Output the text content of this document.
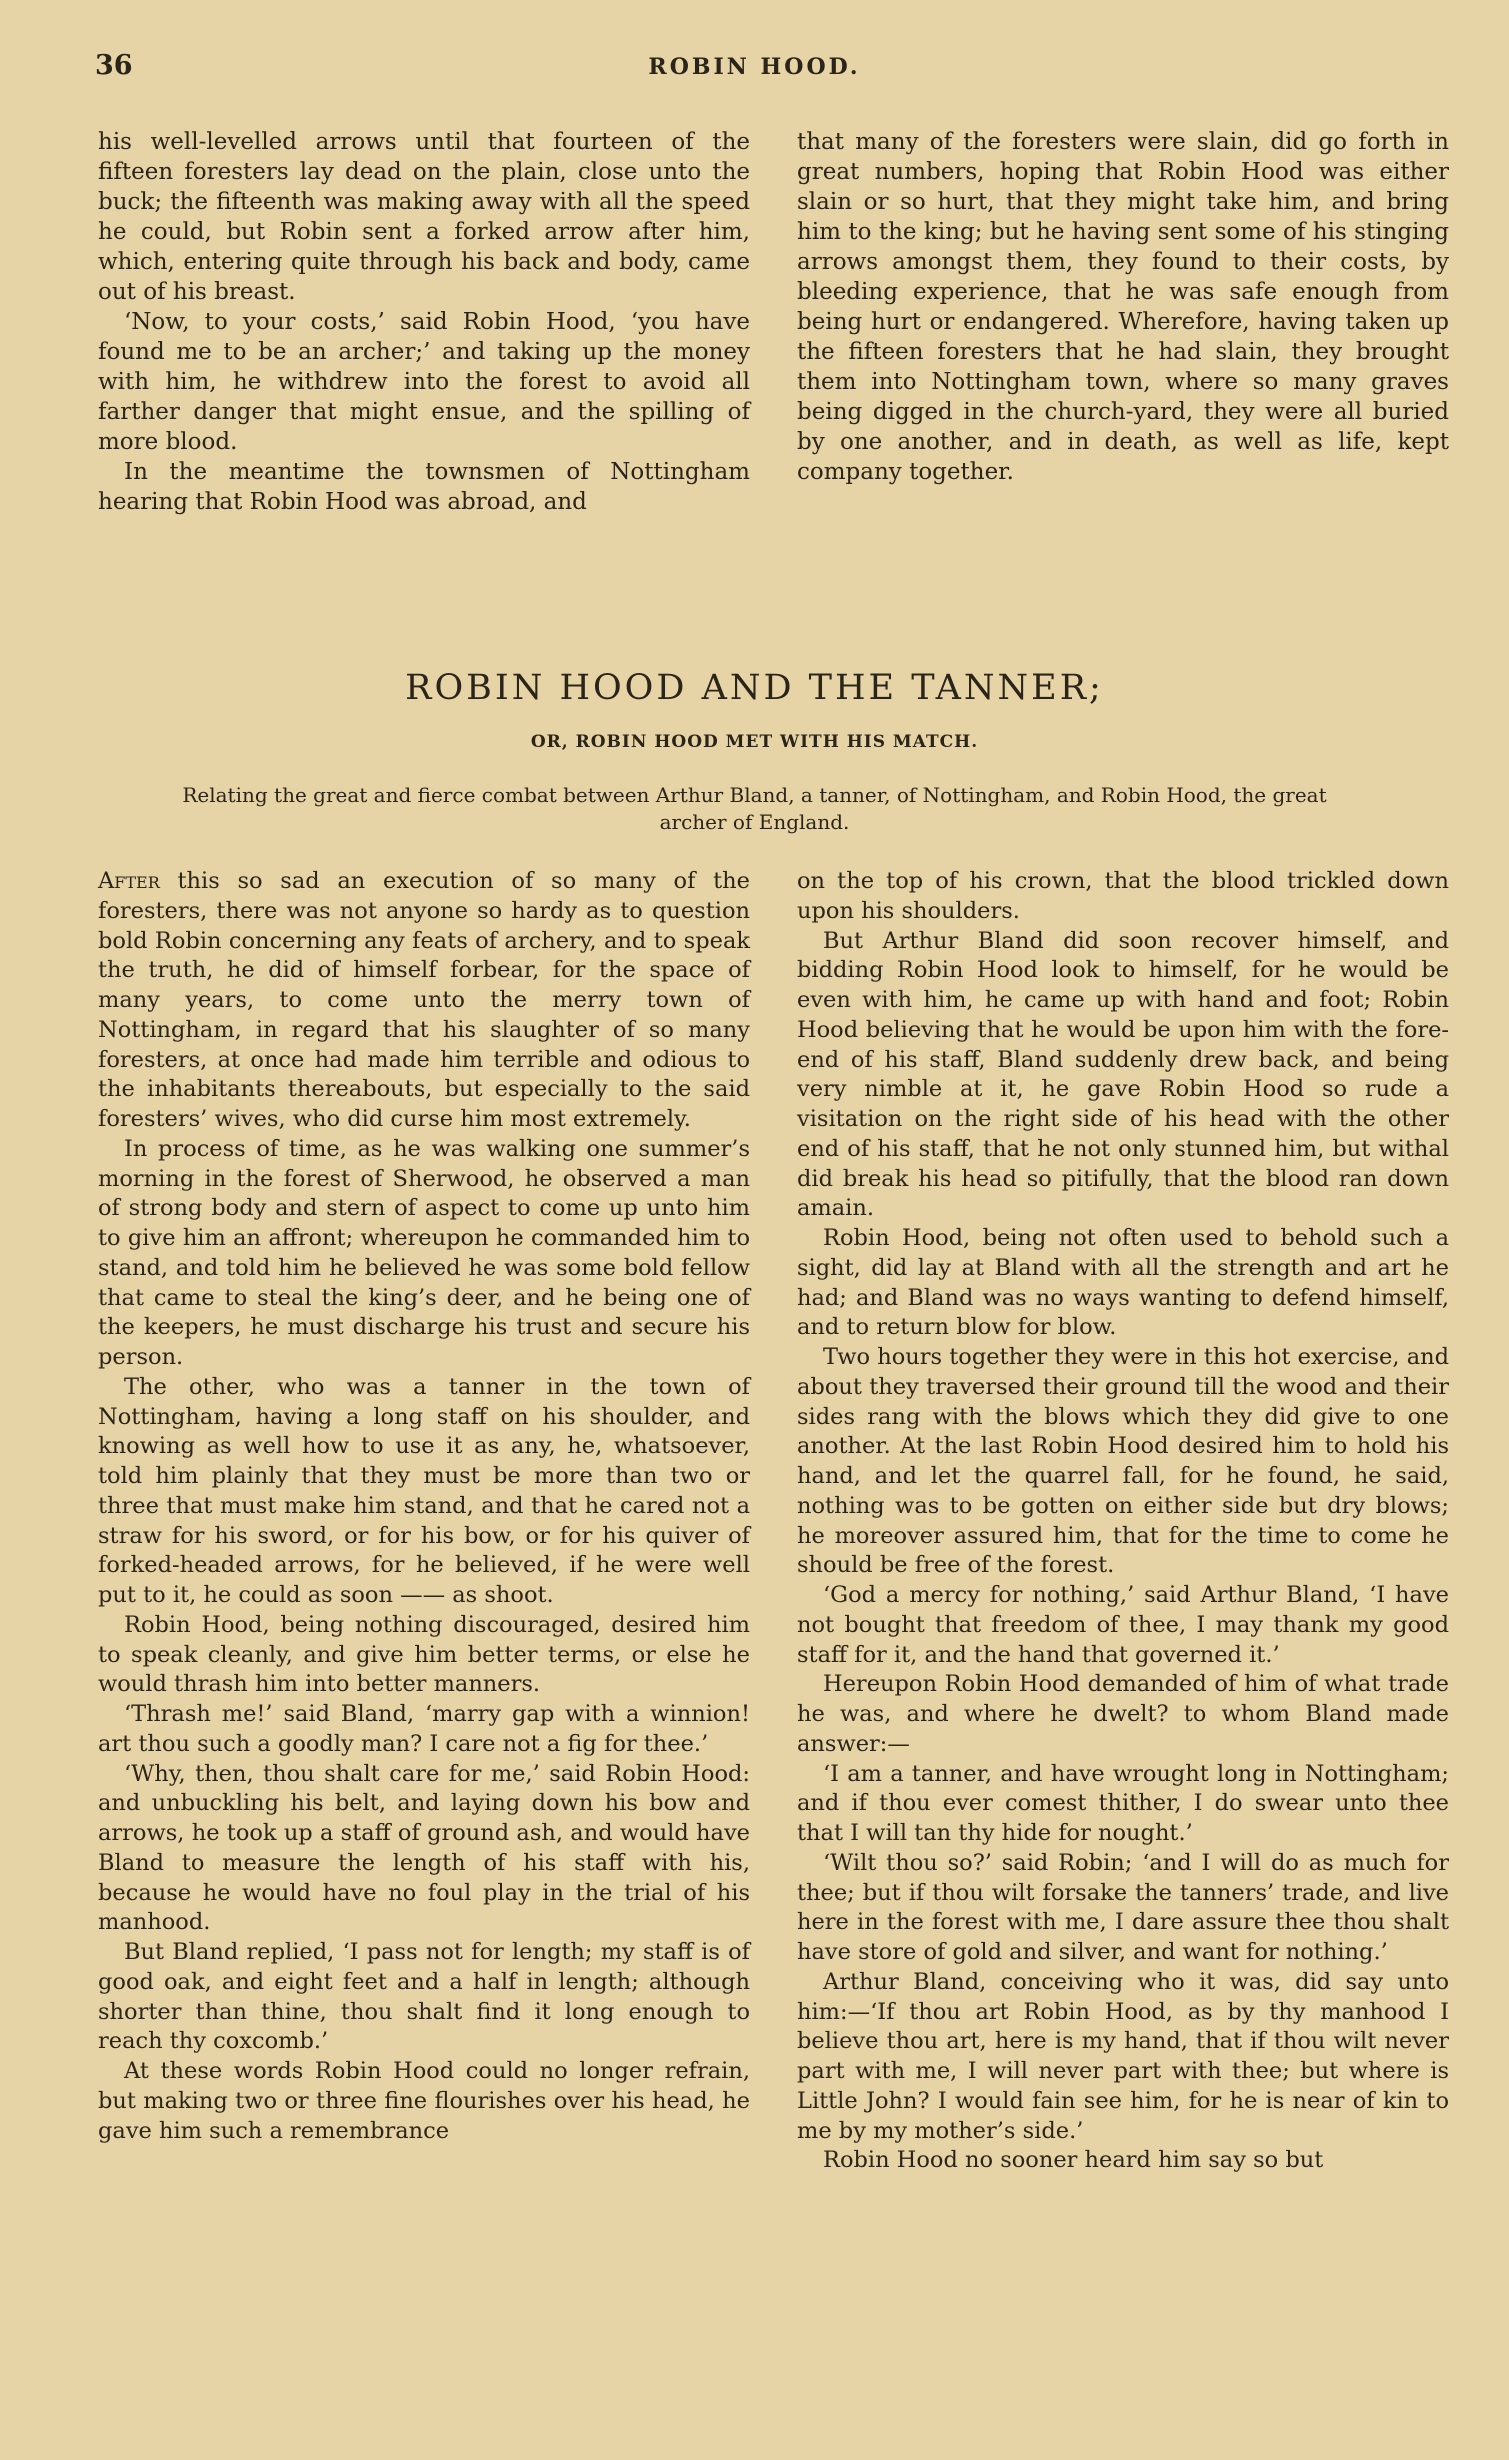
36	ROBIN HOOD.

his well-levelled arrows until that fourteen of the fifteen foresters lay dead on the plain, close unto the buck; the fifteenth was making away with all the speed he could, but Robin sent a forked arrow after him, which, entering quite through his back and body, came out of his breast.

‘Now, to your costs,’ said Robin Hood, ‘you have found me to be an archer;’ and taking up the money with him, he withdrew into the forest to avoid all farther danger that might ensue, and the spilling of more blood.

In the meantime the townsmen of Nottingham hearing that Robin Hood was abroad, and

that many of the foresters were slain, did go forth in great numbers, hoping that Robin Hood was either slain or so hurt, that they might take him, and bring him to the king; but he having sent some of his stinging arrows amongst them, they found to their costs, by bleeding experience, that he was safe enough from being hurt or endangered. Wherefore, having taken up the fifteen foresters that he had slain, they brought them into Nottingham town, where so many graves being digged in the church-yard, they were all buried by one another, and in death, as well as life, kept company together.

ROBIN HOOD AND THE TANNER;
OR, ROBIN HOOD MET WITH HIS MATCH.
Relating the great and fierce combat between Arthur Bland, a tanner, of Nottingham, and Robin Hood, the great archer of England.

After this so sad an execution of so many of the foresters, there was not anyone so hardy as to question bold Robin concerning any feats of archery, and to speak the truth, he did of himself forbear, for the space of many years, to come unto the merry town of Nottingham, in regard that his slaughter of so many foresters, at once had made him terrible and odious to the inhabitants thereabouts, but especially to the said foresters’ wives, who did curse him most extremely.

In process of time, as he was walking one summer’s morning in the forest of Sherwood, he observed a man of strong body and stern of aspect to come up unto him to give him an affront; whereupon he commanded him to stand, and told him he believed he was some bold fellow that came to steal the king’s deer, and he being one of the keepers, he must discharge his trust and secure his person.

The other, who was a tanner in the town of Nottingham, having a long staff on his shoulder, and knowing as well how to use it as any, he, whatsoever, told him plainly that they must be more than two or three that must make him stand, and that he cared not a straw for his sword, or for his bow, or for his quiver of forked-headed arrows, for he believed, if he were well put to it, he could as soon —— as shoot.

Robin Hood, being nothing discouraged, desired him to speak cleanly, and give him better terms, or else he would thrash him into better manners.

‘Thrash me!’ said Bland, ‘marry gap with a winnion! art thou such a goodly man? I care not a fig for thee.’

‘Why, then, thou shalt care for me,’ said Robin Hood: and unbuckling his belt, and laying down his bow and arrows, he took up a staff of ground ash, and would have Bland to measure the length of his staff with his, because he would have no foul play in the trial of his manhood.

But Bland replied, ‘I pass not for length; my staff is of good oak, and eight feet and a half in length; although shorter than thine, thou shalt find it long enough to reach thy coxcomb.’

At these words Robin Hood could no longer refrain, but making two or three fine flourishes over his head, he gave him such a remembrance

on the top of his crown, that the blood trickled down upon his shoulders.

But Arthur Bland did soon recover himself, and bidding Robin Hood look to himself, for he would be even with him, he came up with hand and foot; Robin Hood believing that he would be upon him with the fore-end of his staff, Bland suddenly drew back, and being very nimble at it, he gave Robin Hood so rude a visitation on the right side of his head with the other end of his staff, that he not only stunned him, but withal did break his head so pitifully, that the blood ran down amain.

Robin Hood, being not often used to behold such a sight, did lay at Bland with all the strength and art he had; and Bland was no ways wanting to defend himself, and to return blow for blow.

Two hours together they were in this hot exercise, and about they traversed their ground till the wood and their sides rang with the blows which they did give to one another. At the last Robin Hood desired him to hold his hand, and let the quarrel fall, for he found, he said, nothing was to be gotten on either side but dry blows; he moreover assured him, that for the time to come he should be free of the forest.

‘God a mercy for nothing,’ said Arthur Bland, ‘I have not bought that freedom of thee, I may thank my good staff for it, and the hand that governed it.’

Hereupon Robin Hood demanded of him of what trade he was, and where he dwelt? to whom Bland made answer:—

‘I am a tanner, and have wrought long in Nottingham; and if thou ever comest thither, I do swear unto thee that I will tan thy hide for nought.’

‘Wilt thou so?’ said Robin; ‘and I will do as much for thee; but if thou wilt forsake the tanners’ trade, and live here in the forest with me, I dare assure thee thou shalt have store of gold and silver, and want for nothing.’

Arthur Bland, conceiving who it was, did say unto him:—‘If thou art Robin Hood, as by thy manhood I believe thou art, here is my hand, that if thou wilt never part with me, I will never part with thee; but where is Little John? I would fain see him, for he is near of kin to me by my mother’s side.’

Robin Hood no sooner heard him say so but
